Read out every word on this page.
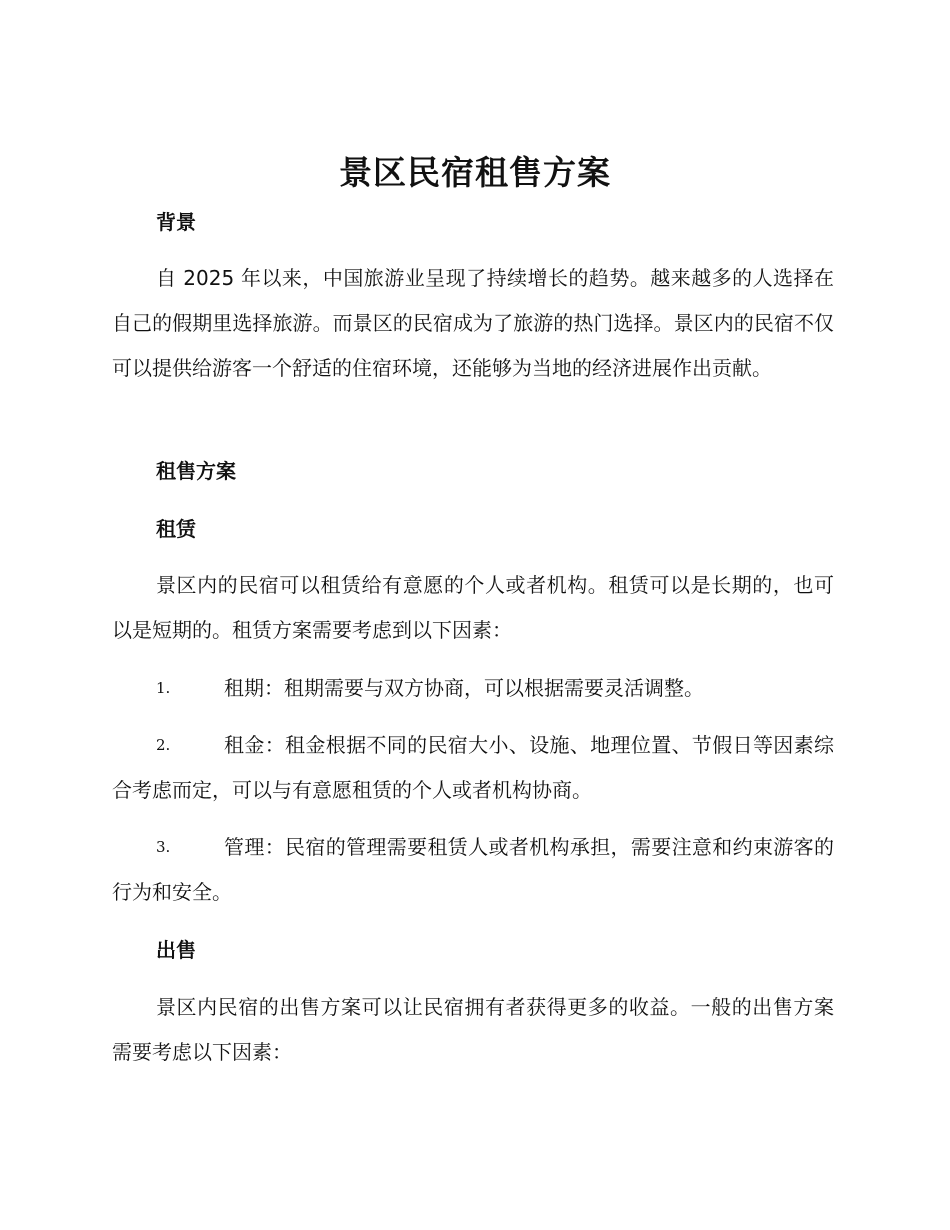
景区民宿租售方案
背景

自 2025 年以来，中国旅游业呈现了持续增长的趋势。越来越多的人选择在自己的假期里选择旅游。而景区的民宿成为了旅游的热门选择。景区内的民宿不仅可以提供给游客一个舒适的住宿环境，还能够为当地的经济进展作出贡献。

租售方案
租赁

景区内的民宿可以租赁给有意愿的个人或者机构。租赁可以是长期的，也可以是短期的。租赁方案需要考虑到以下因素：

1.	租期：租期需要与双方协商，可以根据需要灵活调整。
2.	租金：租金根据不同的民宿大小、设施、地理位置、节假日等因素综合考虑而定，可以与有意愿租赁的个人或者机构协商。
3.	管理：民宿的管理需要租赁人或者机构承担，需要注意和约束游客的行为和安全。
出售

景区内民宿的出售方案可以让民宿拥有者获得更多的收益。一般的出售方案需要考虑以下因素：
